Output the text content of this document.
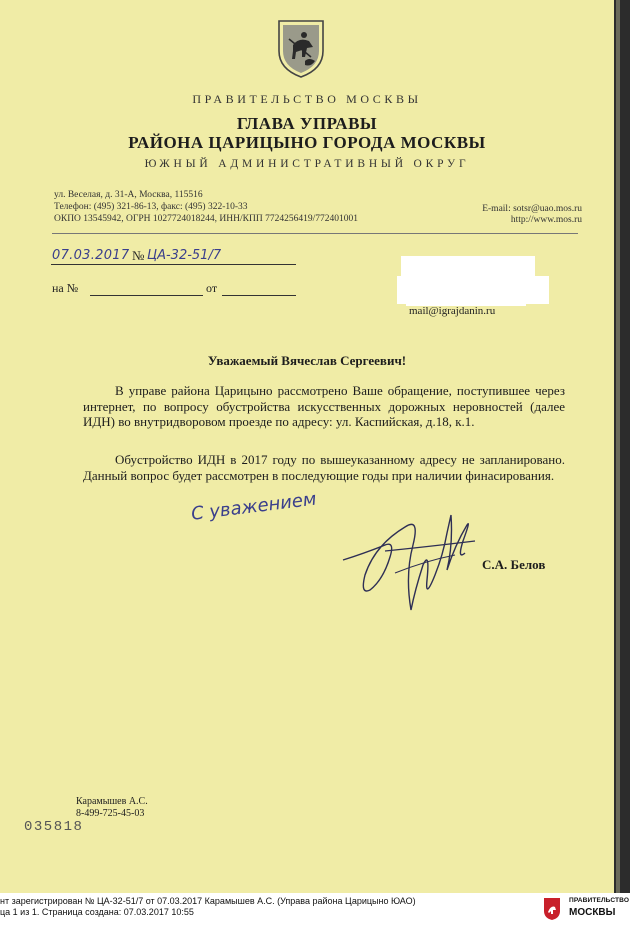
ПРАВИТЕЛЬСТВО МОСКВЫ
ГЛАВА УПРАВЫ
РАЙОНА ЦАРИЦЫНО ГОРОДА МОСКВЫ
ЮЖНЫЙ АДМИНИСТРАТИВНЫЙ ОКРУГ
ул. Веселая, д. 31-А, Москва, 115516
Телефон: (495) 321-86-13, факс: (495) 322-10-33
ОКПО 13545942, ОГРН 1027724018244, ИНН/КПП 7724256419/772401001
E-mail: sotsr@uao.mos.ru
http://www.mos.ru
07.03.2017 № ЦА-32-51/7
на №	от
mail@igrajdanin.ru
Уважаемый Вячеслав Сергеевич!

В управе района Царицыно рассмотрено Ваше обращение, поступившее через интернет, по вопросу обустройства искусственных дорожных неровностей (далее ИДН) во внутридворовом проезде по адресу: ул. Каспийская, д.18, к.1.

Обустройство ИДН в 2017 году по вышеуказанному адресу не запланировано. Данный вопрос будет рассмотрен в последующие годы при наличии финасирования.

С уважением
С.А. Белов
Карамышев А.С.
8-499-725-45-03
035818
нт зарегистрирован № ЦА-32-51/7 от 07.03.2017 Карамышев А.С. (Управа района Царицыно ЮАО)
ца 1 из 1. Страница создана: 07.03.2017 10:55
ПРАВИТЕЛЬСТВО
МОСКВЫ
